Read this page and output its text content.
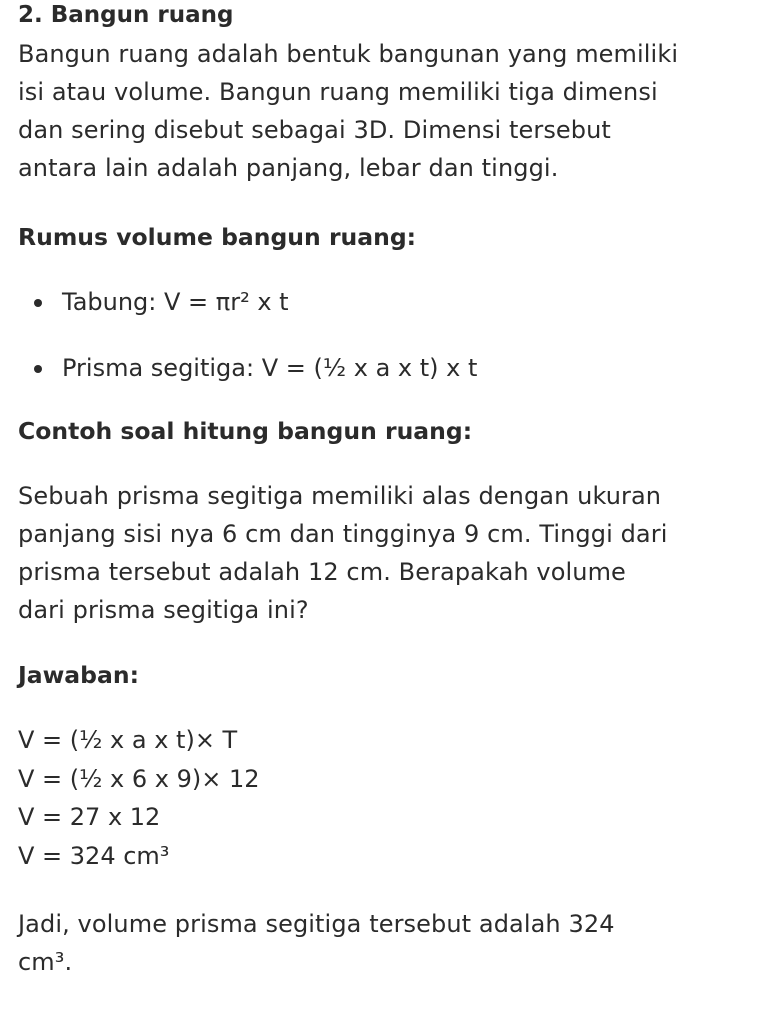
2. Bangun ruang

Bangun ruang adalah bentuk bangunan yang memiliki

isi atau volume. Bangun ruang memiliki tiga dimensi

dan sering disebut sebagai 3D. Dimensi tersebut

antara lain adalah panjang, lebar dan tinggi.

Rumus volume bangun ruang:
Tabung: V = πr² x t
Prisma segitiga: V = (½ x a x t) x t
Contoh soal hitung bangun ruang:

Sebuah prisma segitiga memiliki alas dengan ukuran

panjang sisi nya 6 cm dan tingginya 9 cm. Tinggi dari

prisma tersebut adalah 12 cm. Berapakah volume

dari prisma segitiga ini?

Jawaban:

V = (½ x a x t)× T

V = (½ x 6 x 9)× 12

V = 27 x 12

V = 324 cm³

Jadi, volume prisma segitiga tersebut adalah 324

cm³.
